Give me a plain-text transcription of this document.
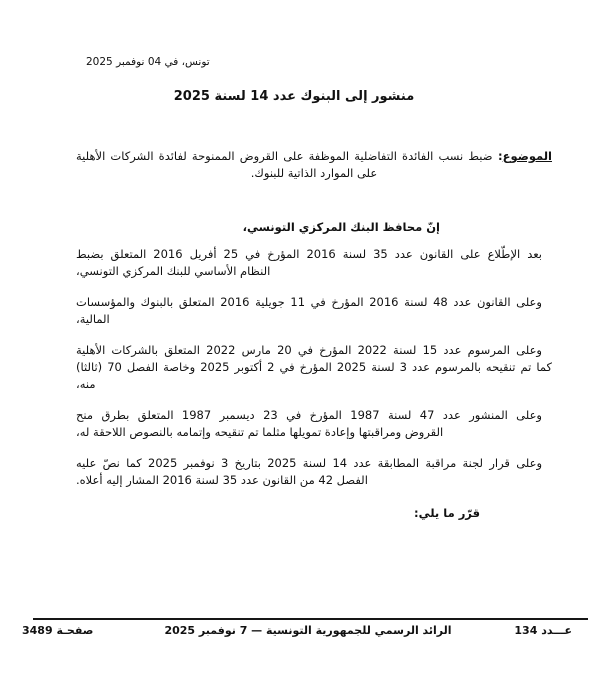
تونس، في 04 نوفمبر 2025
منشور إلى البنوك عدد 14 لسنة 2025
الموضوع: ضبط نسب الفائدة التفاضلية الموظفة على القروض الممنوحة لفائدة الشركات الأهلية
على الموارد الذاتية للبنوك.
إنّ محافظ البنك المركزي التونسي،
بعد الإطّلاع على القانون عدد 35 لسنة 2016 المؤرخ في 25 أفريل 2016 المتعلق بضبط
النظام الأساسي للبنك المركزي التونسي،
وعلى القانون عدد 48 لسنة 2016 المؤرخ في 11 جويلية 2016 المتعلق بالبنوك والمؤسسات
المالية،
وعلى المرسوم عدد 15 لسنة 2022 المؤرخ في 20 مارس 2022 المتعلق بالشركات الأهلية
كما تم تنقيحه بالمرسوم عدد 3 لسنة 2025 المؤرخ في 2 أكتوبر 2025 وخاصة الفصل 70 (ثالثا)
منه،
وعلى المنشور عدد 47 لسنة 1987 المؤرخ في 23 ديسمبر 1987 المتعلق بطرق منح
القروض ومراقبتها وإعادة تمويلها مثلما تم تنقيحه وإتمامه بالنصوص اللاحقة له،
وعلى قرار لجنة مراقبة المطابقة عدد 14 لسنة 2025 بتاريخ 3 نوفمبر 2025 كما نصّ عليه
الفصل 42 من القانون عدد 35 لسنة 2016 المشار إليه أعلاه.
قرّر ما يلي:
عـــدد 134
الرائد الرسمي للجمهورية التونسية — 7 نوفمبر 2025
صفحـة 3489
